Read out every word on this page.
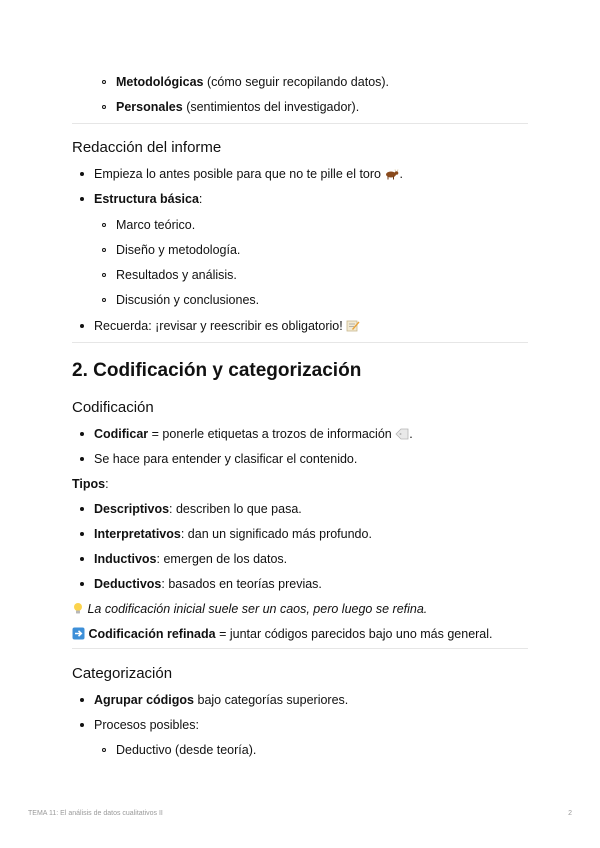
Metodológicas (cómo seguir recopilando datos).
Personales (sentimientos del investigador).
Redacción del informe
Empieza lo antes posible para que no te pille el toro .
Estructura básica:
Marco teórico.
Diseño y metodología.
Resultados y análisis.
Discusión y conclusiones.
Recuerda: ¡revisar y reescribir es obligatorio!
2. Codificación y categorización
Codificación
Codificar = ponerle etiquetas a trozos de información .
Se hace para entender y clasificar el contenido.
Tipos:
Descriptivos: describen lo que pasa.
Interpretativos: dan un significado más profundo.
Inductivos: emergen de los datos.
Deductivos: basados en teorías previas.
La codificación inicial suele ser un caos, pero luego se refina.
Codificación refinada = juntar códigos parecidos bajo uno más general.
Categorización
Agrupar códigos bajo categorías superiores.
Procesos posibles:
Deductivo (desde teoría).
TEMA 11: El análisis de datos cualitativos II	2
